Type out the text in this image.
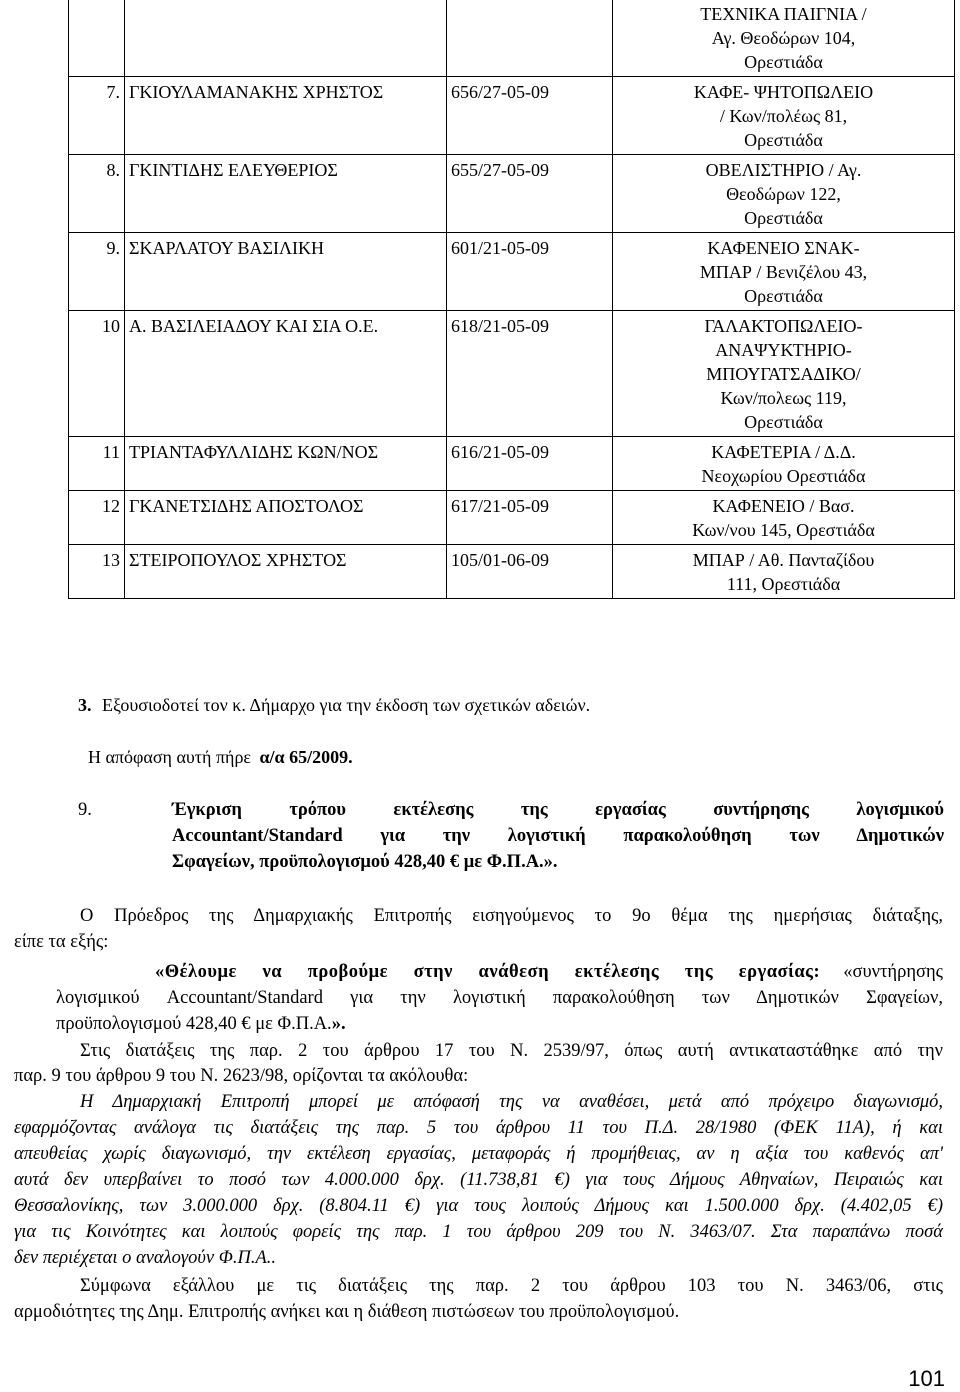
			ΤΕΧΝΙΚΑ ΠΑΙΓΝΙΑ /
Αγ. Θεοδώρων 104,
Ορεστιάδα

7.	ΓΚΙΟΥΛΑΜΑΝΑΚΗΣ ΧΡΗΣΤΟΣ	656/27-05-09	ΚΑΦΕ- ΨΗΤΟΠΩΛΕΙΟ
/ Κων/πολέως 81,
Ορεστιάδα

8.	ΓΚΙΝΤΙΔΗΣ ΕΛΕΥΘΕΡΙΟΣ	655/27-05-09	ΟΒΕΛΙΣΤΗΡΙΟ / Αγ.
Θεοδώρων 122,
Ορεστιάδα

9.	ΣΚΑΡΛΑΤΟΥ ΒΑΣΙΛΙΚΗ	601/21-05-09	ΚΑΦΕΝΕΙΟ ΣΝΑΚ-
ΜΠΑΡ / Βενιζέλου 43,
Ορεστιάδα

10	Α. ΒΑΣΙΛΕΙΑΔΟΥ ΚΑΙ ΣΙΑ Ο.Ε.	618/21-05-09	ΓΑΛΑΚΤΟΠΩΛΕΙΟ-
ΑΝΑΨΥΚΤΗΡΙΟ-
ΜΠΟΥΓΑΤΣΑΔΙΚΟ/
Κων/πολεως 119,
Ορεστιάδα

11	ΤΡΙΑΝΤΑΦΥΛΛΙΔΗΣ ΚΩΝ/ΝΟΣ	616/21-05-09	ΚΑΦΕΤΕΡΙΑ / Δ.Δ.
Νεοχωρίου Ορεστιάδα

12	ΓΚΑΝΕΤΣΙΔΗΣ ΑΠΟΣΤΟΛΟΣ	617/21-05-09	ΚΑΦΕΝΕΙΟ / Βασ.
Κων/νου 145, Ορεστιάδα

13	ΣΤΕΙΡΟΠΟΥΛΟΣ ΧΡΗΣΤΟΣ	105/01-06-09	ΜΠΑΡ / Αθ. Πανταζίδου
111, Ορεστιάδα
3. Εξουσιοδοτεί τον κ. Δήμαρχο για την έκδοση των σχετικών αδειών.
Η απόφαση αυτή πήρε α/α 65/2009.
9.	Έγκριση τρόπου εκτέλεσης της εργασίας συντήρησης λογισμικού
Accountant/Standard για την λογιστική παρακολούθηση των Δημοτικών
Σφαγείων, προϋπολογισμού 428,40 € με Φ.Π.Α.».

Ο Πρόεδρος της Δημαρχιακής Επιτροπής εισηγούμενος το 9ο θέμα της ημερήσιας διάταξης,

είπε τα εξής:

«Θέλουμε να προβούμε στην ανάθεση εκτέλεσης της εργασίας: «συντήρησης

λογισμικού Accountant/Standard για την λογιστική παρακολούθηση των Δημοτικών Σφαγείων,

προϋπολογισμού 428,40 € με Φ.Π.Α.».

Στις διατάξεις της παρ. 2 του άρθρου 17 του Ν. 2539/97, όπως αυτή αντικαταστάθηκε από την

παρ. 9 του άρθρου 9 του Ν. 2623/98, ορίζονται τα ακόλουθα:

Η Δημαρχιακή Επιτροπή μπορεί με απόφασή της να αναθέσει, μετά από πρόχειρο διαγωνισμό,

εφαρμόζοντας ανάλογα τις διατάξεις της παρ. 5 του άρθρου 11 του Π.Δ. 28/1980 (ΦΕΚ 11Α), ή και

απευθείας χωρίς διαγωνισμό, την εκτέλεση εργασίας, μεταφοράς ή προμήθειας, αν η αξία του καθενός απ'

αυτά δεν υπερβαίνει το ποσό των 4.000.000 δρχ. (11.738,81 €) για τους Δήμους Αθηναίων, Πειραιώς και

Θεσσαλονίκης, των 3.000.000 δρχ. (8.804.11 €) για τους λοιπούς Δήμους και 1.500.000 δρχ. (4.402,05 €)

για τις Κοινότητες και λοιπούς φορείς της παρ. 1 του άρθρου 209 του Ν. 3463/07. Στα παραπάνω ποσά

δεν περιέχεται ο αναλογούν Φ.Π.Α..

Σύμφωνα εξάλλου με τις διατάξεις της παρ. 2 του άρθρου 103 του Ν. 3463/06, στις

αρμοδιότητες της Δημ. Επιτροπής ανήκει και η διάθεση πιστώσεων του προϋπολογισμού.

101
